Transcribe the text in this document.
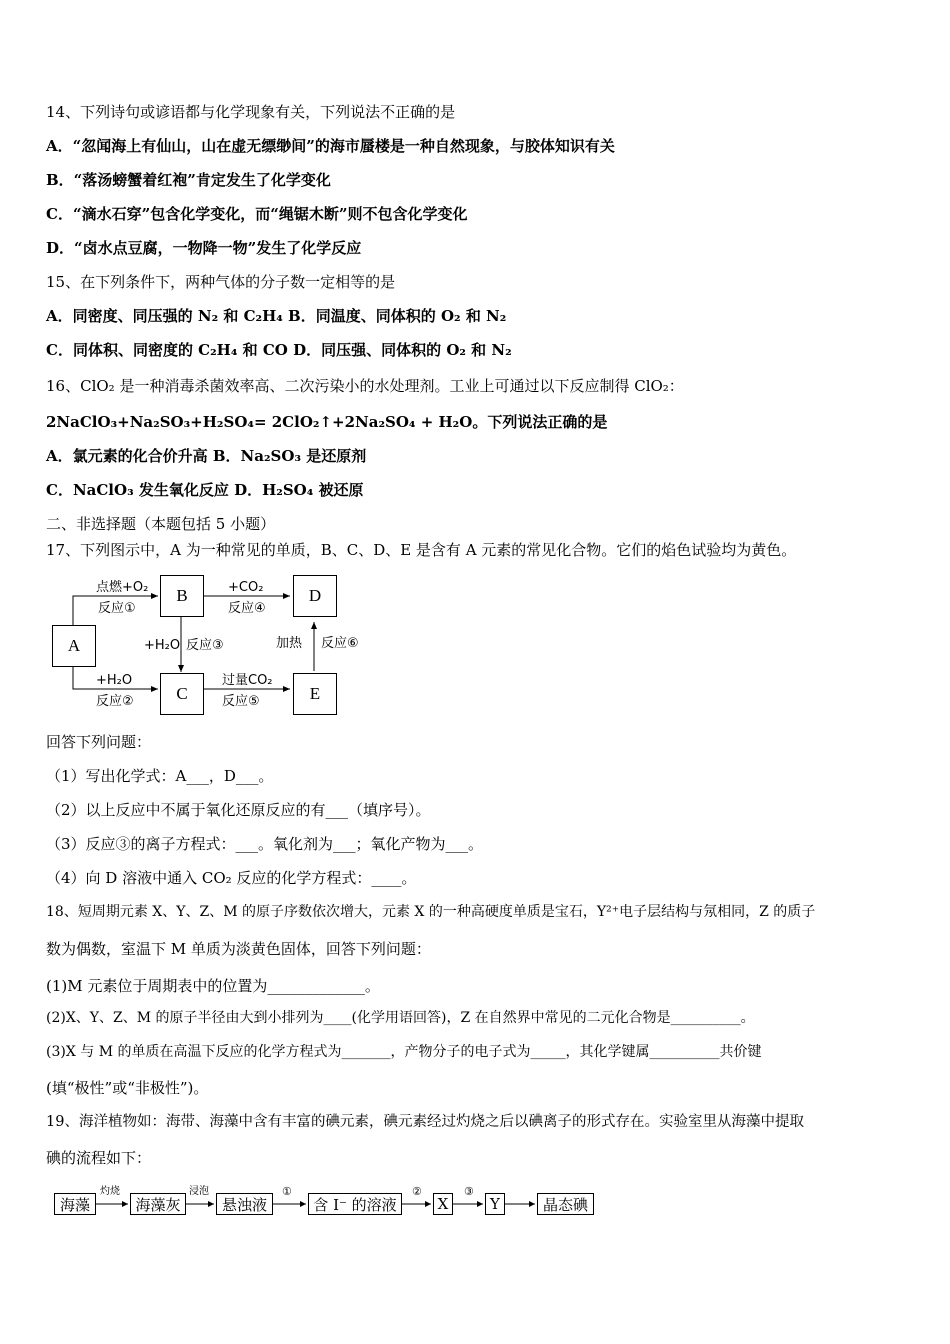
14、下列诗句或谚语都与化学现象有关，下列说法不正确的是
A．“忽闻海上有仙山，山在虚无缥缈间”的海市蜃楼是一种自然现象，与胶体知识有关
B．“落汤螃蟹着红袍”肯定发生了化学变化
C．“滴水石穿”包含化学变化，而“绳锯木断”则不包含化学变化
D．“卤水点豆腐，一物降一物”发生了化学反应
15、在下列条件下，两种气体的分子数一定相等的是
A．同密度、同压强的 N₂ 和 C₂H₄ B．同温度、同体积的 O₂ 和 N₂
C．同体积、同密度的 C₂H₄ 和 CO D．同压强、同体积的 O₂ 和 N₂
16、ClO₂ 是一种消毒杀菌效率高、二次污染小的水处理剂。工业上可通过以下反应制得 ClO₂：
2NaClO₃+Na₂SO₃+H₂SO₄= 2ClO₂↑+2Na₂SO₄ + H₂O。下列说法正确的是
A．氯元素的化合价升高 B．Na₂SO₃ 是还原剂
C．NaClO₃ 发生氧化反应 D．H₂SO₄ 被还原
二、非选择题（本题包括 5 小题）
17、下列图示中，A 为一种常见的单质，B、C、D、E 是含有 A 元素的常见化合物。它们的焰色试验均为黄色。
A
B
C
D
E
点燃+O₂
反应①
+CO₂
反应④
+H₂O 反应③
+H₂O
反应②
过量CO₂
反应⑤
加热 反应⑥
回答下列问题：
（1）写出化学式：A___，D___。
（2）以上反应中不属于氧化还原反应的有___（填序号）。
（3）反应③的离子方程式：___。氧化剂为___；氧化产物为___。
（4）向 D 溶液中通入 CO₂ 反应的化学方程式：____。
18、短周期元素 X、Y、Z、M 的原子序数依次增大，元素 X 的一种高硬度单质是宝石，Y²⁺电子层结构与氖相同，Z 的质子
数为偶数，室温下 M 单质为淡黄色固体，回答下列问题：
(1)M 元素位于周期表中的位置为_____________。
(2)X、Y、Z、M 的原子半径由大到小排列为____(化学用语回答)，Z 在自然界中常见的二元化合物是__________。
(3)X 与 M 的单质在高温下反应的化学方程式为_______，产物分子的电子式为_____，其化学键属__________共价键
(填“极性”或“非极性”)。
19、海洋植物如：海带、海藻中含有丰富的碘元素，碘元素经过灼烧之后以碘离子的形式存在。实验室里从海藻中提取
碘的流程如下：
海藻
灼烧
海藻灰
浸泡
悬浊液
①
含 I⁻ 的溶液
②
X
③
Y	晶态碘
